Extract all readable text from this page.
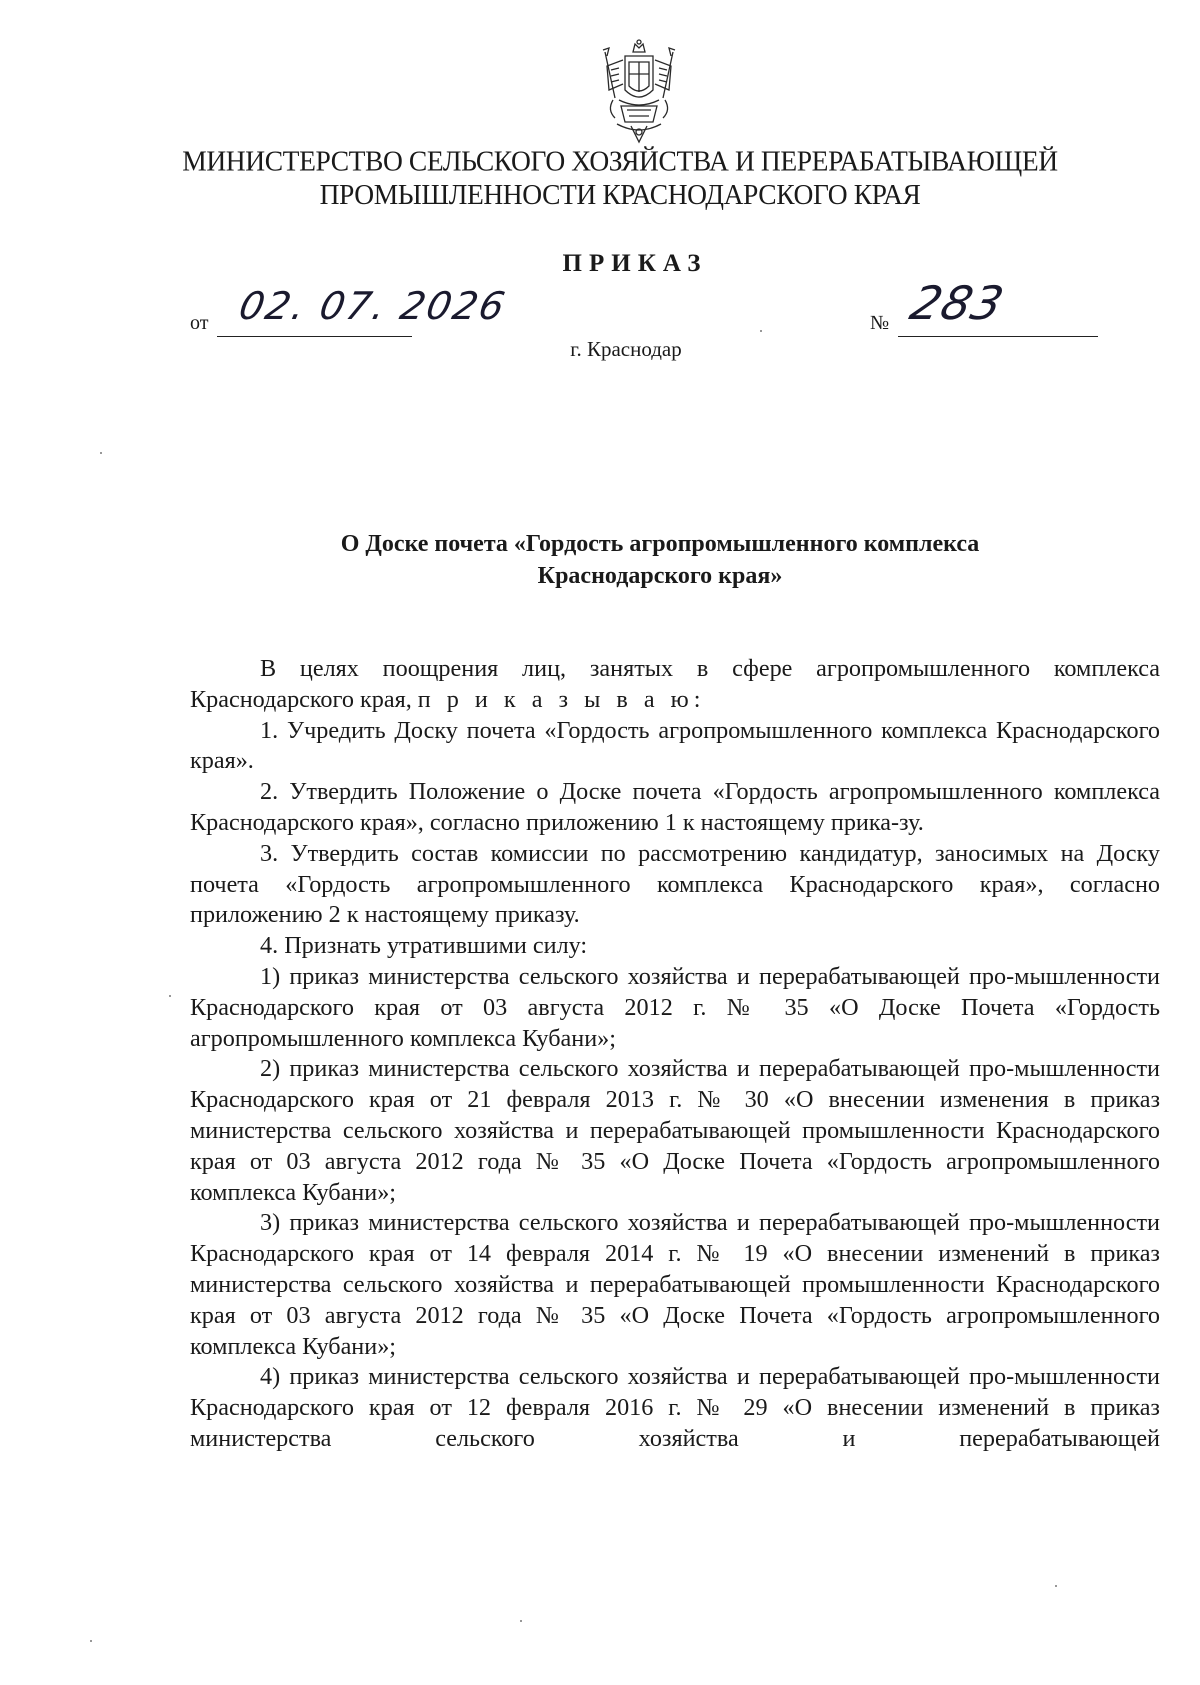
МИНИСТЕРСТВО СЕЛЬСКОГО ХОЗЯЙСТВА И ПЕРЕРАБАТЫВАЮЩЕЙ
ПРОМЫШЛЕННОСТИ КРАСНОДАРСКОГО КРАЯ
ПРИКАЗ
от 02. 07. 2026	№ 283
г. Краснодар
О Доске почета «Гордость агропромышленного комплекса
Краснодарского края»

В целях поощрения лиц, занятых в сфере агропромышленного комплекса Краснодарского края, п р и к а з ы в а ю:

1. Учредить Доску почета «Гордость агропромышленного комплекса Краснодарского края».

2. Утвердить Положение о Доске почета «Гордость агропромышленного комплекса Краснодарского края», согласно приложению 1 к настоящему прика-зу.

3. Утвердить состав комиссии по рассмотрению кандидатур, заносимых на Доску почета «Гордость агропромышленного комплекса Краснодарского края», согласно приложению 2 к настоящему приказу.

4. Признать утратившими силу:

1) приказ министерства сельского хозяйства и перерабатывающей про-мышленности Краснодарского края от 03 августа 2012 г. № 35 «О Доске Почета «Гордость агропромышленного комплекса Кубани»;

2) приказ министерства сельского хозяйства и перерабатывающей про-мышленности Краснодарского края от 21 февраля 2013 г. № 30 «О внесении изменения в приказ министерства сельского хозяйства и перерабатывающей промышленности Краснодарского края от 03 августа 2012 года № 35 «О Доске Почета «Гордость агропромышленного комплекса Кубани»;

3) приказ министерства сельского хозяйства и перерабатывающей про-мышленности Краснодарского края от 14 февраля 2014 г. № 19 «О внесении изменений в приказ министерства сельского хозяйства и перерабатывающей промышленности Краснодарского края от 03 августа 2012 года № 35 «О Доске Почета «Гордость агропромышленного комплекса Кубани»;

4) приказ министерства сельского хозяйства и перерабатывающей про-мышленности Краснодарского края от 12 февраля 2016 г. № 29 «О внесении изменений в приказ министерства сельского хозяйства и перерабатывающей
